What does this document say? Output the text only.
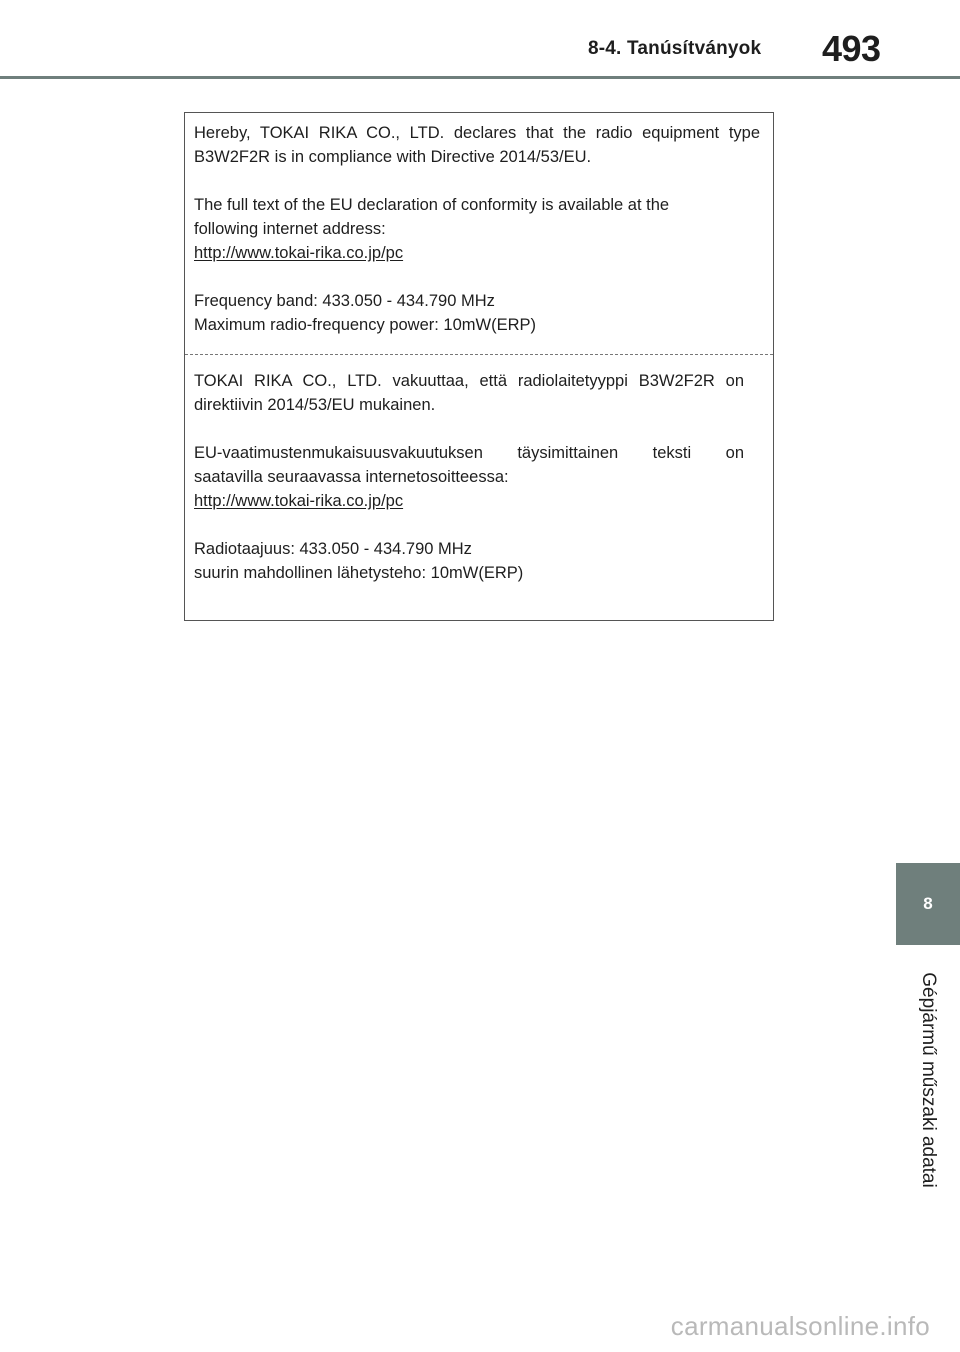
8-4. Tanúsítványok 493
Hereby, TOKAI RIKA CO., LTD. declares that the radio equipment type
B3W2F2R is in compliance with Directive 2014/53/EU.
The full text of the EU declaration of conformity is available at the
following internet address:
http://www.tokai-rika.co.jp/pc
Frequency band: 433.050 - 434.790 MHz
Maximum radio-frequency power: 10mW(ERP)
TOKAI RIKA CO., LTD. vakuuttaa, että radiolaitetyyppi B3W2F2R on
direktiivin 2014/53/EU mukainen.
EU-vaatimustenmukaisuusvakuutuksen täysimittainen teksti on
saatavilla seuraavassa internetosoitteessa:
http://www.tokai-rika.co.jp/pc
Radiotaajuus: 433.050 - 434.790 MHz
suurin mahdollinen lähetysteho: 10mW(ERP)
8
Gépjármű műszaki adatai
carmanualsonline.info
